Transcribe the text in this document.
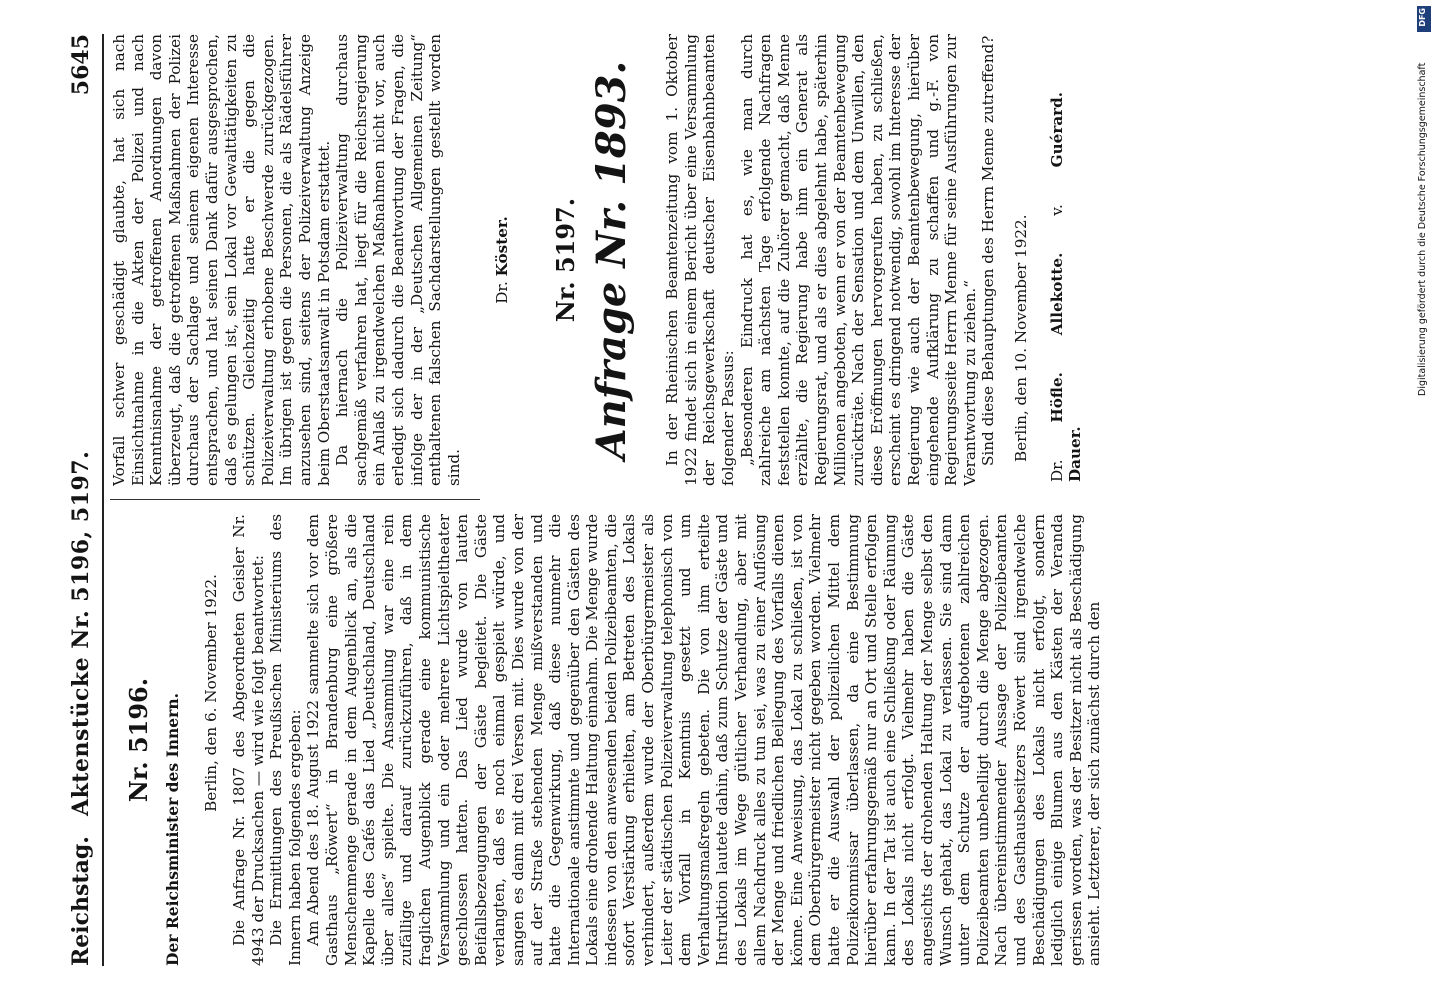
Reichstag.
Aktenstücke Nr. 5196, 5197.
5645
Nr. 5196. Der Reichsminister des Innern.
Berlin, den 6. November 1922. Die Anfrage Nr. 1807 des Abgeordneten Geisler Nr. 4943 der Drucksachen — wird wie folgt beantwortet: Die Ermittlungen des Preußischen Ministeriums des Innern haben folgendes ergeben: Am Abend des 18. August 1922 sammelte sich vor dem Gasthaus „Röwert“ in Brandenburg eine größere Menschenmenge gerade in dem Augenblick an, als die Kapelle des Cafés das Lied „Deutschland, Deutschland über alles“ spielte. Die Ansammlung war eine rein zufällige und darauf zurückzuführen, daß in dem fraglichen Augenblick gerade eine kommunistische Versammlung und ein oder mehrere Lichtspieltheater geschlossen hatten. Das Lied wurde von lauten Beifallsbezeugungen der Gäste begleitet. Die Gäste verlangten, daß es noch einmal gespielt würde, und sangen es dann mit drei Versen mit. Dies wurde von der auf der Straße stehenden Menge mißverstanden und hatte die Gegenwirkung, daß diese nunmehr die Internationale anstimmte und gegenüber den Gästen des Lokals eine drohende Haltung einnahm. Die Menge wurde indessen von den anwesenden beiden Polizeibeamten, die sofort Verstärkung erhielten, am Betreten des Lokals verhindert, außerdem wurde der Oberbürgermeister als Leiter der städtischen Polizeiverwaltung telephonisch von dem Vorfall in Kenntnis gesetzt und um Verhaltungsmaßregeln gebeten. Die von ihm erteilte Instruktion lautete dahin, daß zum Schutze der Gäste und des Lokals im Wege gütlicher Verhandlung, aber mit allem Nachdruck alles zu tun sei, was zu einer Auflösung der Menge und friedlichen Beilegung des Vorfalls dienen könne. Eine Anweisung, das Lokal zu schließen, ist von dem Oberbürgermeister nicht gegeben worden. Vielmehr hatte er die Auswahl der polizeilichen Mittel dem Polizeikommissar überlassen, da eine Bestimmung hierüber erfahrungsgemäß nur an Ort und Stelle erfolgen kann. In der Tat ist auch eine Schließung oder Räumung des Lokals nicht erfolgt. Vielmehr haben die Gäste angesichts der drohenden Haltung der Menge selbst den Wunsch gehabt, das Lokal zu verlassen. Sie sind dann unter dem Schutze der aufgebotenen zahlreichen Polizeibeamten unbehelligt durch die Menge abgezogen. Nach übereinstimmender Aussage der Polizeibeamten und des Gasthausbesitzers Röwert sind irgendwelche Beschädigungen des Lokals nicht erfolgt, sondern lediglich einige Blumen aus den Kästen der Veranda gerissen worden, was der Besitzer nicht als Beschädigung ansieht. Letzterer, der sich zunächst durch den

Vorfall schwer geschädigt glaubte, hat sich nach Einsichtnahme in die Akten der Polizei und nach Kenntnisnahme der getroffenen Anordnungen davon überzeugt, daß die getroffenen Maßnahmen der Polizei durchaus der Sachlage und seinem eigenen Interesse entsprachen, und hat seinen Dank dafür ausgesprochen, daß es gelungen ist, sein Lokal vor Gewalttätigkeiten zu schützen. Gleichzeitig hatte er die gegen die Polizeiverwaltung erhobene Beschwerde zurückgezogen. Im übrigen ist gegen die Personen, die als Rädelsführer anzusehen sind, seitens der Polizeiverwaltung Anzeige beim Oberstaatsanwalt in Potsdam erstattet. Da hiernach die Polizeiverwaltung durchaus sachgemäß verfahren hat, liegt für die Reichsregierung ein Anlaß zu irgendwelchen Maßnahmen nicht vor, auch erledigt sich dadurch die Beantwortung der Fragen, die infolge der in der „Deutschen Allgemeinen Zeitung“ enthaltenen falschen Sachdarstellungen gestellt worden sind.

Dr. Köster. Nr. 5197. Anfrage Nr. 1893. In der Rheinischen Beamtenzeitung vom 1. Oktober 1922 findet sich in einem Bericht über eine Versammlung der Reichsgewerkschaft deutscher Eisenbahnbeamten folgender Passus: „Besonderen Eindruck hat es, wie man durch zahlreiche am nächsten Tage erfolgende Nachfragen feststellen konnte, auf die Zuhörer gemacht, daß Menne erzählte, die Regierung habe ihm ein Generat als Regierungsrat, und als er dies abgelehnt habe, späterhin Millionen angeboten, wenn er von der Beamtenbewegung zurückträte. Nach der Sensation und dem Unwillen, den diese Eröffnungen hervorgerufen haben, zu schließen, erscheint es dringend notwendig, sowohl im Interesse der Regierung wie auch der Beamtenbewegung, hierüber eingehende Aufklärung zu schaffen und g.-F. von Regierungsseite Herrn Menne für seine Ausführungen zur Verantwortung zu ziehen.“ Sind diese Behauptungen des Herrn Menne zutreffend? Berlin, den 10. November 1922.
Dr. Höfle. Allekotte. v. Guérard. Dauer.
DFG
Digitalisierung gefördert durch die Deutsche Forschungsgemeinschaft
